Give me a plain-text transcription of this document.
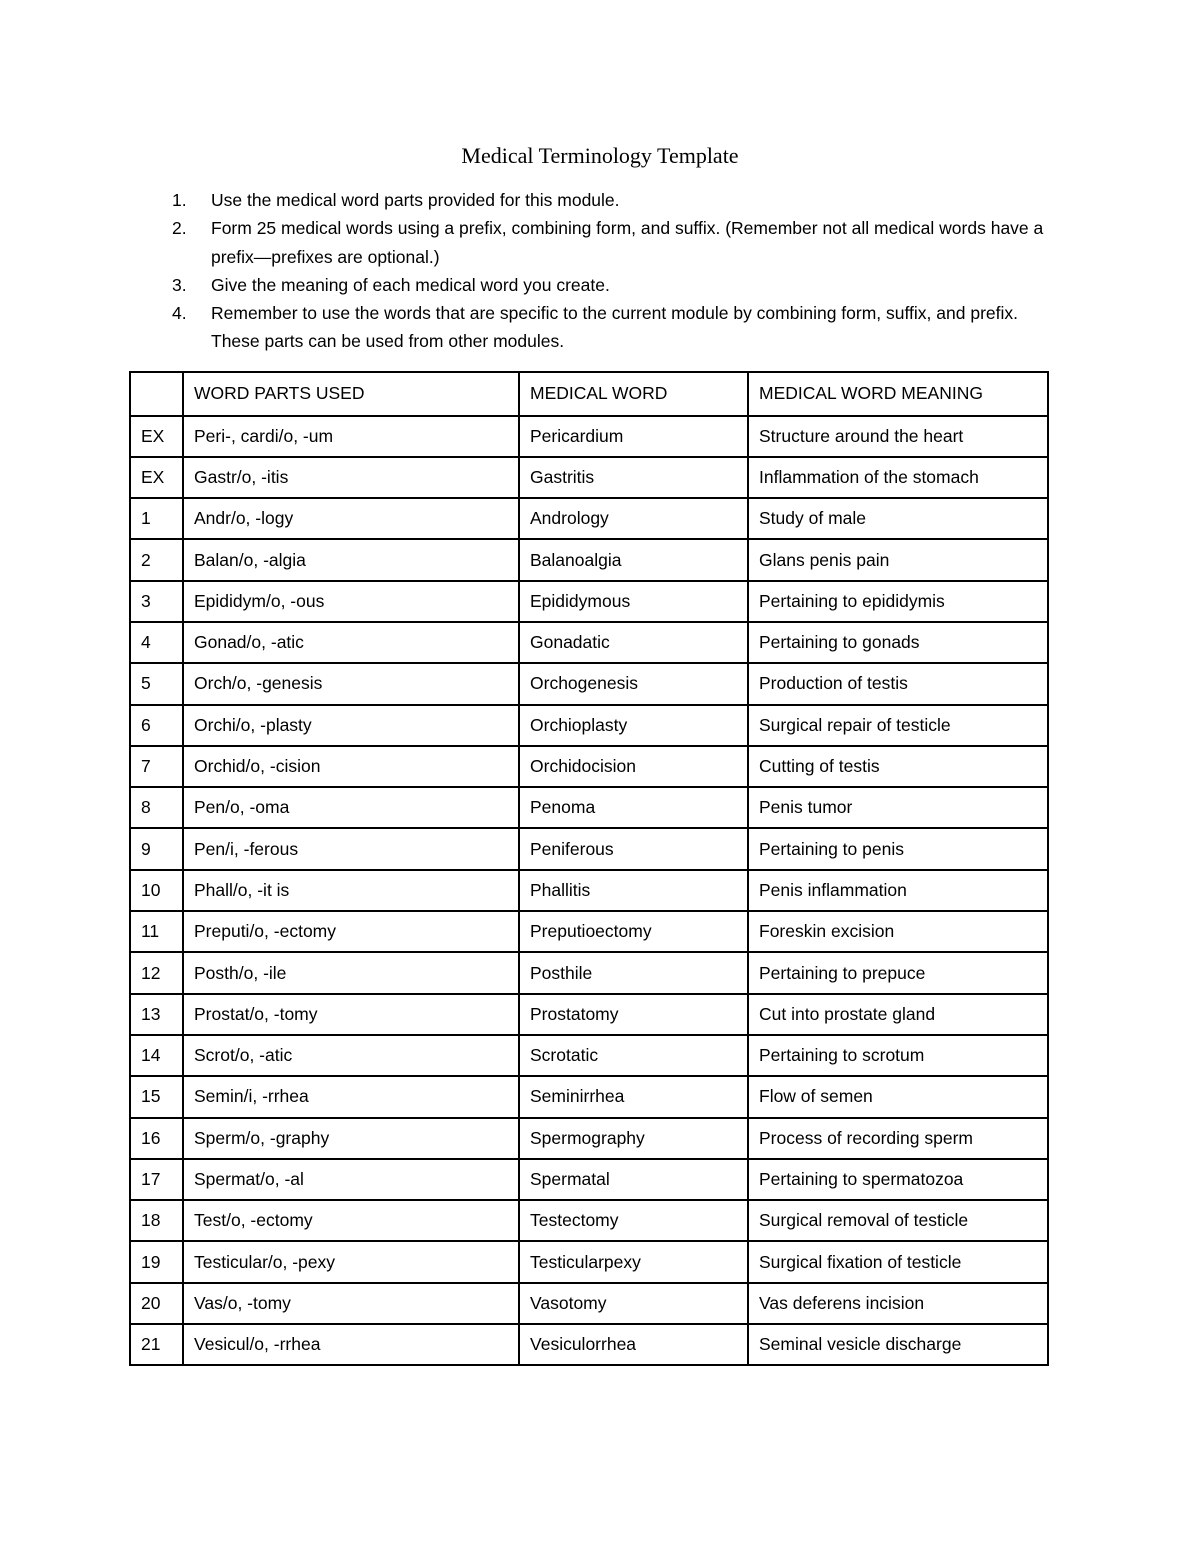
Medical Terminology Template
1. Use the medical word parts provided for this module.
2. Form 25 medical words using a prefix, combining form, and suffix. (Remember not all medical words have a prefix—prefixes are optional.)
3. Give the meaning of each medical word you create.
4. Remember to use the words that are specific to the current module by combining form, suffix, and prefix. These parts can be used from other modules.
	WORD PARTS USED	MEDICAL WORD	MEDICAL WORD MEANING
EX	Peri-, cardi/o, -um	Pericardium	Structure around the heart
EX	Gastr/o, -itis	Gastritis	Inflammation of the stomach
1	Andr/o, -logy	Andrology	Study of male
2	Balan/o, -algia	Balanoalgia	Glans penis pain
3	Epididym/o, -ous	Epididymous	Pertaining to epididymis
4	Gonad/o, -atic	Gonadatic	Pertaining to gonads
5	Orch/o, -genesis	Orchogenesis	Production of testis
6	Orchi/o, -plasty	Orchioplasty	Surgical repair of testicle
7	Orchid/o, -cision	Orchidocision	Cutting of testis
8	Pen/o, -oma	Penoma	Penis tumor
9	Pen/i, -ferous	Peniferous	Pertaining to penis
10	Phall/o, -it is	Phallitis	Penis inflammation
11	Preputi/o, -ectomy	Preputioectomy	Foreskin excision
12	Posth/o, -ile	Posthile	Pertaining to prepuce
13	Prostat/o, -tomy	Prostatomy	Cut into prostate gland
14	Scrot/o, -atic	Scrotatic	Pertaining to scrotum
15	Semin/i, -rrhea	Seminirrhea	Flow of semen
16	Sperm/o, -graphy	Spermography	Process of recording sperm
17	Spermat/o, -al	Spermatal	Pertaining to spermatozoa
18	Test/o, -ectomy	Testectomy	Surgical removal of testicle
19	Testicular/o, -pexy	Testicularpexy	Surgical fixation of testicle
20	Vas/o, -tomy	Vasotomy	Vas deferens incision
21	Vesicul/o, -rrhea	Vesiculorrhea	Seminal vesicle discharge
